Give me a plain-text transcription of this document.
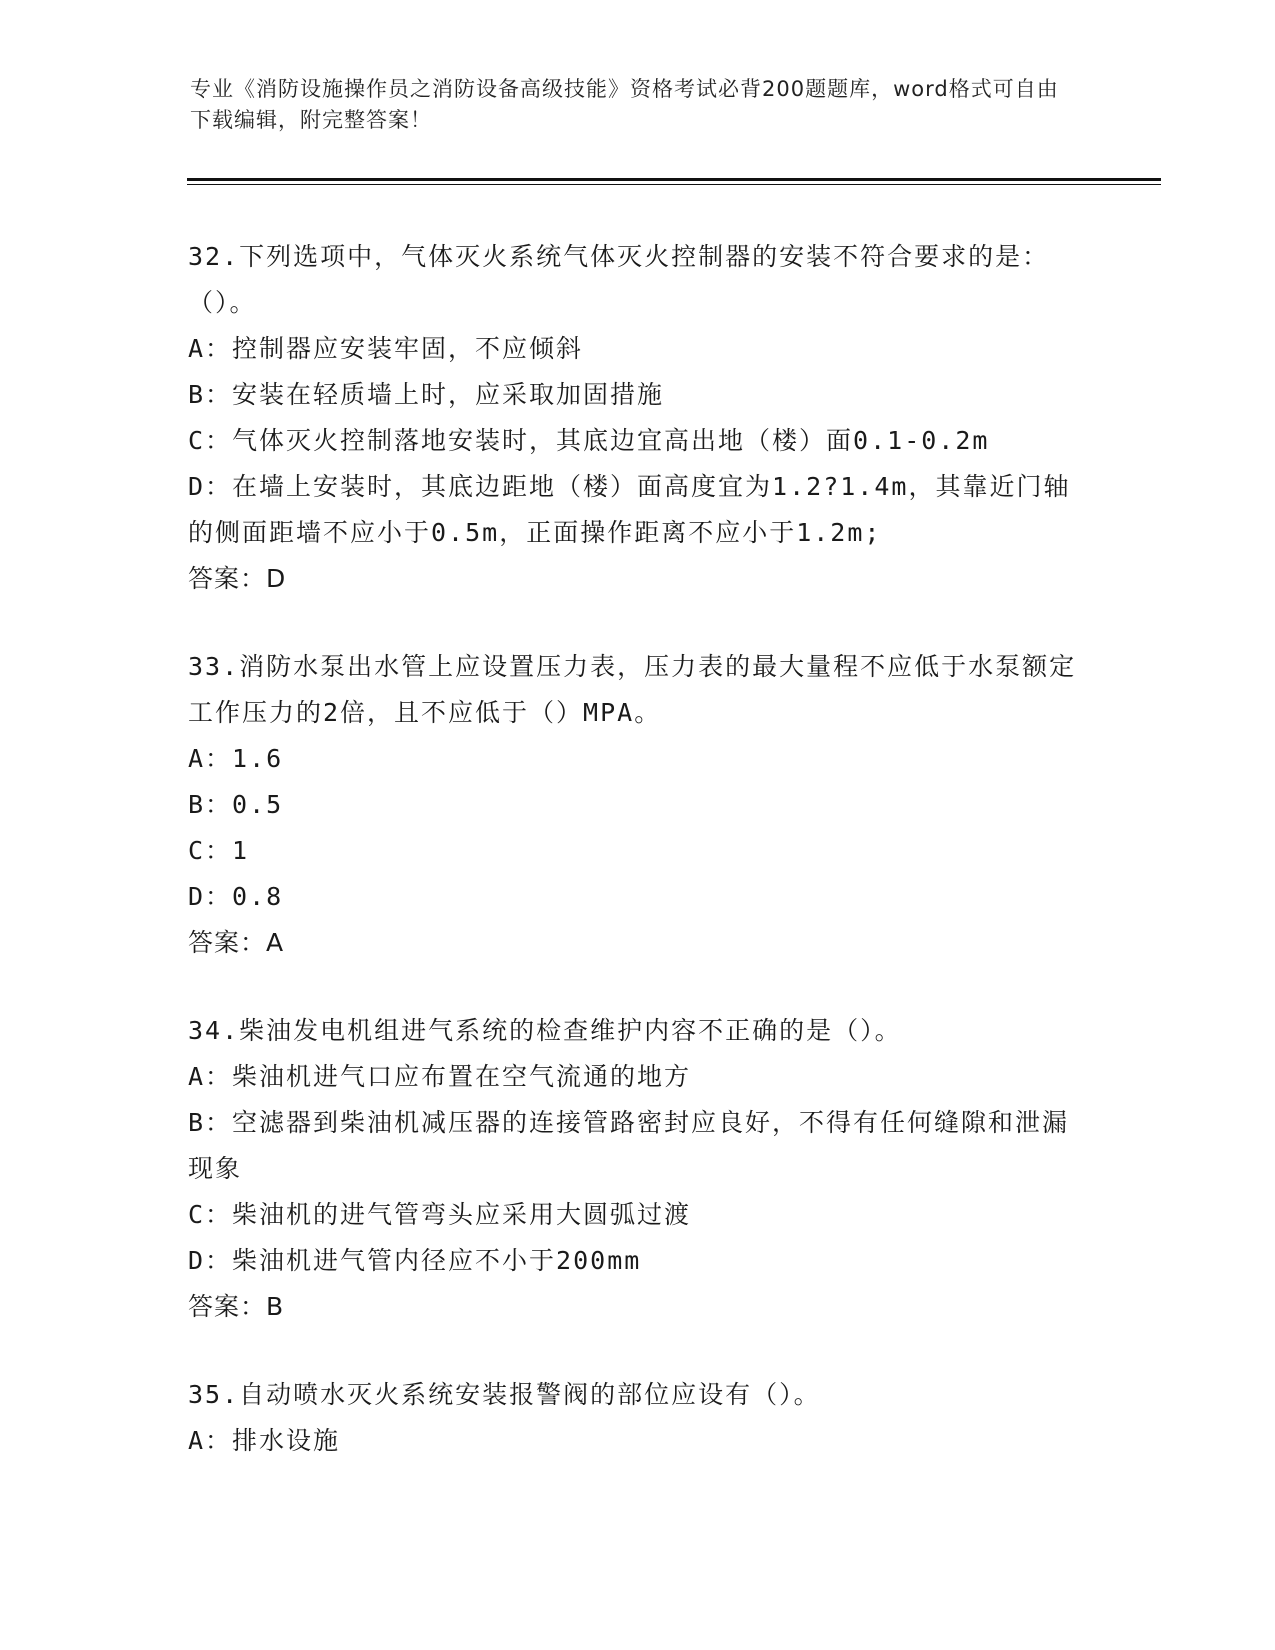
专业《消防设施操作员之消防设备高级技能》资格考试必背200题题库，word格式可自由下载编辑，附完整答案！

32.下列选项中，气体灭火系统气体灭火控制器的安装不符合要求的是：（）。

A：控制器应安装牢固，不应倾斜

B：安装在轻质墙上时，应采取加固措施

C：气体灭火控制落地安装时，其底边宜高出地（楼）面0.1-0.2m

D：在墙上安装时，其底边距地（楼）面高度宜为1.2?1.4m，其靠近门轴的侧面距墙不应小于0.5m，正面操作距离不应小于1.2m;

答案：D

33.消防水泵出水管上应设置压力表，压力表的最大量程不应低于水泵额定工作压力的2倍，且不应低于（）MPA。

A：1.6

B：0.5

C：1

D：0.8

答案：A

34.柴油发电机组进气系统的检查维护内容不正确的是（）。

A：柴油机进气口应布置在空气流通的地方

B：空滤器到柴油机减压器的连接管路密封应良好，不得有任何缝隙和泄漏现象

C：柴油机的进气管弯头应采用大圆弧过渡

D：柴油机进气管内径应不小于200mm

答案：B

35.自动喷水灭火系统安装报警阀的部位应设有（）。

A：排水设施
